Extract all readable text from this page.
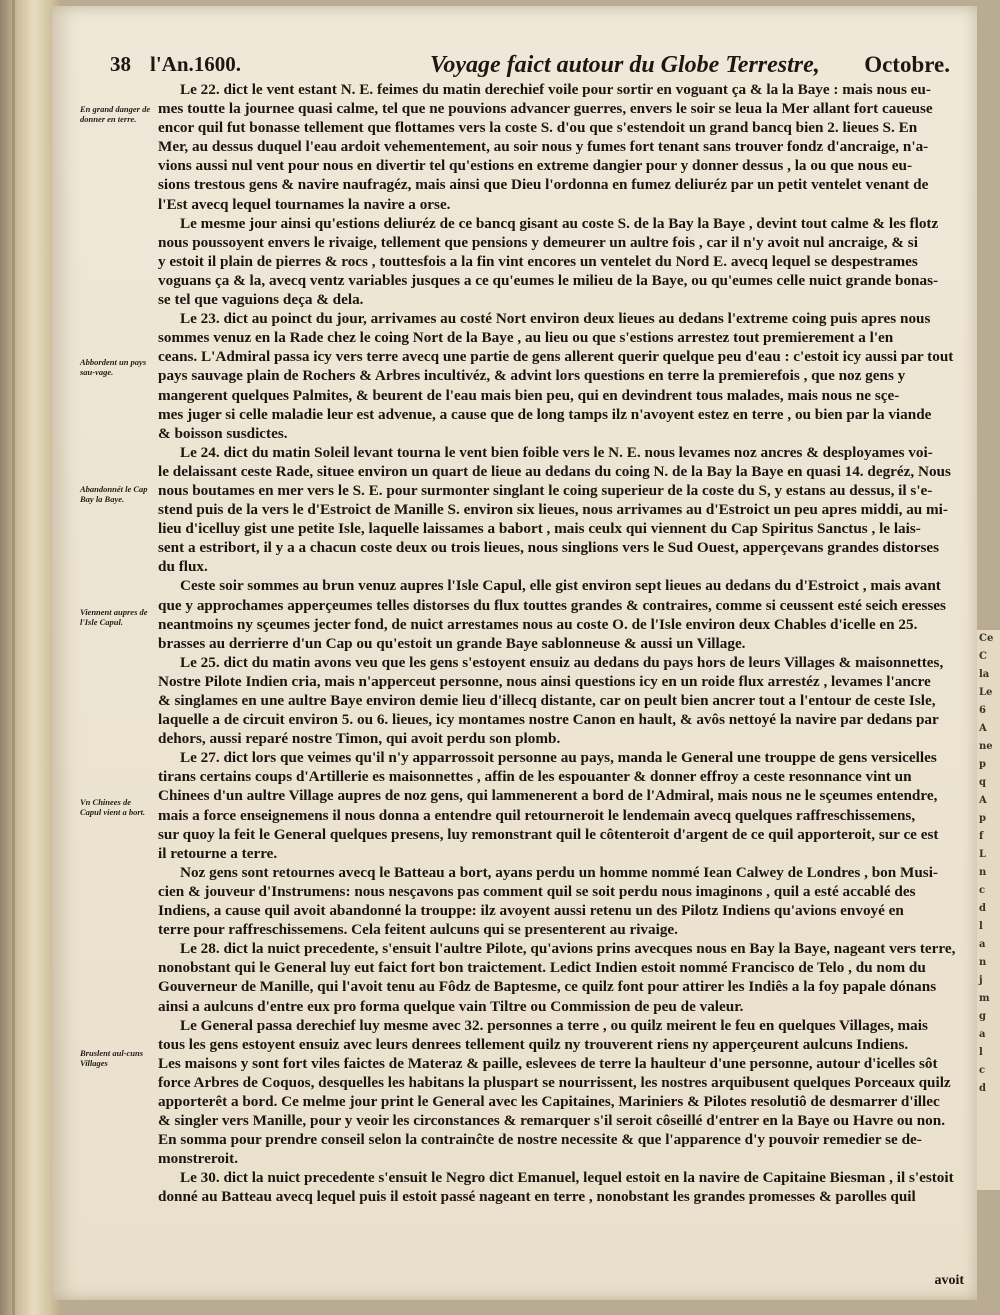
Ce
C
la
Le 6
A
ne
p
q
A
p
f
L
n
c
d
l
a
n
j
m
g
a
l
c
d
38 l'An.1600.	Voyage faict autour du Globe Terrestre, Octobre.
En grand danger de donner en terre.
Abbordent un pays sau-vage.
Abandonnét le Cap Bay la Baye.
Viennent aupres de l'Isle Capul.
Vn Chinees de Capul vient a bort.
Bruslent aul-cuns Villages

Le 22. dict le vent estant N. E. feimes du matin derechief voile pour sortir en voguant ça & la la Baye : mais nous eu-
mes toutte la journee quasi calme, tel que ne pouvions advancer guerres, envers le soir se leua la Mer allant fort caueuse
encor quil fut bonasse tellement que flottames vers la coste S. d'ou que s'estendoit un grand bancq bien 2. lieues S. En
Mer, au dessus duquel l'eau ardoit vehementement, au soir nous y fumes fort tenant sans trouver fondz d'ancraige, n'a-
vions aussi nul vent pour nous en divertir tel qu'estions en extreme dangier pour y donner dessus , la ou que nous eu-
sions trestous gens & navire naufragéz, mais ainsi que Dieu l'ordonna en fumez deliuréz par un petit ventelet venant de
l'Est avecq lequel tournames la navire a orse.

Le mesme jour ainsi qu'estions deliuréz de ce bancq gisant au coste S. de la Bay la Baye , devint tout calme & les flotz
nous poussoyent envers le rivaige, tellement que pensions y demeurer un aultre fois , car il n'y avoit nul ancraige, & si
y estoit il plain de pierres & rocs , touttesfois a la fin vint encores un ventelet du Nord E. avecq lequel se despestrames
voguans ça & la, avecq ventz variables jusques a ce qu'eumes le milieu de la Baye, ou qu'eumes celle nuict grande bonas-
se tel que vaguions deça & dela.

Le 23. dict au poinct du jour, arrivames au costé Nort environ deux lieues au dedans l'extreme coing puis apres nous
sommes venuz en la Rade chez le coing Nort de la Baye , au lieu ou que s'estions arrestez tout premierement a l'en
ceans. L'Admiral passa icy vers terre avecq une partie de gens allerent querir quelque peu d'eau : c'estoit icy aussi par tout
pays sauvage plain de Rochers & Arbres incultivéz, & advint lors questions en terre la premierefois , que noz gens y
mangerent quelques Palmites, & beurent de l'eau mais bien peu, qui en devindrent tous malades, mais nous ne sçe-
mes juger si celle maladie leur est advenue, a cause que de long tamps ilz n'avoyent estez en terre , ou bien par la viande
& boisson susdictes.

Le 24. dict du matin Soleil levant tourna le vent bien foible vers le N. E. nous levames noz ancres & desployames voi-
le delaissant ceste Rade, situee environ un quart de lieue au dedans du coing N. de la Bay la Baye en quasi 14. degréz, Nous
nous boutames en mer vers le S. E. pour surmonter singlant le coing superieur de la coste du S, y estans au dessus, il s'e-
stend puis de la vers le d'Estroict de Manille S. environ six lieues, nous arrivames au d'Estroict un peu apres middi, au mi-
lieu d'icelluy gist une petite Isle, laquelle laissames a babort , mais ceulx qui viennent du Cap Spiritus Sanctus , le lais-
sent a estribort, il y a a chacun coste deux ou trois lieues, nous singlions vers le Sud Ouest, apperçevans grandes distorses
du flux.

Ceste soir sommes au brun venuz aupres l'Isle Capul, elle gist environ sept lieues au dedans du d'Estroict , mais avant
que y approchames apperçeumes telles distorses du flux touttes grandes & contraires, comme si ceussent esté seich eresses
neantmoins ny sçeumes jecter fond, de nuict arrestames nous au coste O. de l'Isle environ deux Chables d'icelle en 25.
brasses au derrierre d'un Cap ou qu'estoit un grande Baye sablonneuse & aussi un Village.

Le 25. dict du matin avons veu que les gens s'estoyent ensuiz au dedans du pays hors de leurs Villages & maisonnettes,
Nostre Pilote Indien cria, mais n'apperceut personne, nous ainsi questions icy en un roide flux arrestéz , levames l'ancre
& singlames en une aultre Baye environ demie lieu d'illecq distante, car on peult bien ancrer tout a l'entour de ceste Isle,
laquelle a de circuit environ 5. ou 6. lieues, icy montames nostre Canon en hault, & avôs nettoyé la navire par dedans par
dehors, aussi reparé nostre Timon, qui avoit perdu son plomb.

Le 27. dict lors que veimes qu'il n'y apparrossoit personne au pays, manda le General une trouppe de gens versicelles
tirans certains coups d'Artillerie es maisonnettes , affin de les espouanter & donner effroy a ceste resonnance vint un
Chinees d'un aultre Village aupres de noz gens, qui lammenerent a bord de l'Admiral, mais nous ne le sçeumes entendre,
mais a force enseignemens il nous donna a entendre quil retourneroit le lendemain avecq quelques raffreschissemens,
sur quoy la feit le General quelques presens, luy remonstrant quil le côtenteroit d'argent de ce quil apporteroit, sur ce est
il retourne a terre.

Noz gens sont retournes avecq le Batteau a bort, ayans perdu un homme nommé Iean Calwey de Londres , bon Musi-
cien & jouveur d'Instrumens: nous nesçavons pas comment quil se soit perdu nous imaginons , quil a esté accablé des
Indiens, a cause quil avoit abandonné la trouppe: ilz avoyent aussi retenu un des Pilotz Indiens qu'avions envoyé en
terre pour raffreschissemens. Cela feitent aulcuns qui se presenterent au rivaige.

Le 28. dict la nuict precedente, s'ensuit l'aultre Pilote, qu'avions prins avecques nous en Bay la Baye, nageant vers terre,
nonobstant qui le General luy eut faict fort bon traictement. Ledict Indien estoit nommé Francisco de Telo , du nom du
Gouverneur de Manille, qui l'avoit tenu au Fôdz de Baptesme, ce quilz font pour attirer les Indiês a la foy papale dónans
ainsi a aulcuns d'entre eux pro forma quelque vain Tiltre ou Commission de peu de valeur.

Le General passa derechief luy mesme avec 32. personnes a terre , ou quilz meirent le feu en quelques Villages, mais
tous les gens estoyent ensuiz avec leurs denrees tellement quilz ny trouverent riens ny apperçeurent aulcuns Indiens.
Les maisons y sont fort viles faictes de Materaz & paille, eslevees de terre la haulteur d'une personne, autour d'icelles sôt
force Arbres de Coquos, desquelles les habitans la pluspart se nourrissent, les nostres arquibusent quelques Porceaux quilz
apporterêt a bord. Ce melme jour print le General avec les Capitaines, Mariniers & Pilotes resolutiô de desmarrer d'illec
& singler vers Manille, pour y veoir les circonstances & remarquer s'il seroit côseillé d'entrer en la Baye ou Havre ou non.
En somma pour prendre conseil selon la contrainĉte de nostre necessite & que l'apparence d'y pouvoir remedier se de-
monstreroit.

Le 30. dict la nuict precedente s'ensuit le Negro dict Emanuel, lequel estoit en la navire de Capitaine Biesman , il s'estoit
donné au Batteau avecq lequel puis il estoit passé nageant en terre , nonobstant les grandes promesses & parolles quil

avoit
